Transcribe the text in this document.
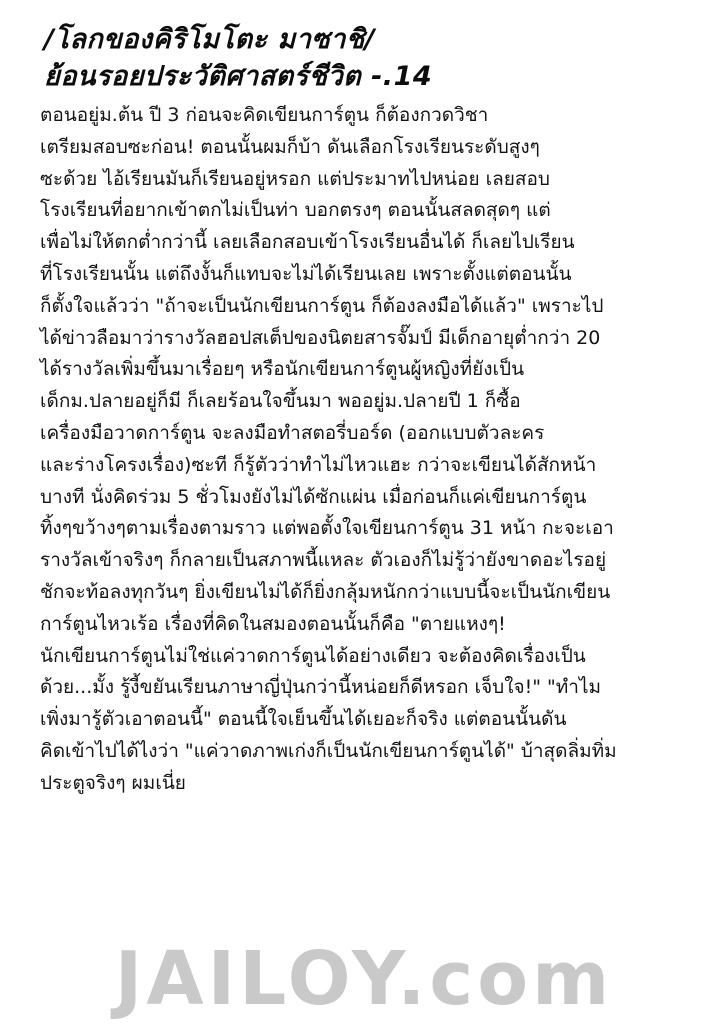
/โลกของคิริโมโตะ มาซาชิ/
ย้อนรอยประวัติศาสตร์ชีวิต -.14
ตอนอยู่ม.ต้น ปี 3 ก่อนจะคิดเขียนการ์ตูน ก็ต้องกวดวิชา
เตรียมสอบซะก่อน! ตอนนั้นผมก็บ้า ดันเลือกโรงเรียนระดับสูงๆ
ซะด้วย ไอ้เรียนมันก็เรียนอยู่หรอก แต่ประมาทไปหน่อย เลยสอบ
โรงเรียนที่อยากเข้าตกไม่เป็นท่า บอกตรงๆ ตอนนั้นสลดสุดๆ แต่
เพื่อไม่ให้ตกต่ำกว่านี้ เลยเลือกสอบเข้าโรงเรียนอื่นได้ ก็เลยไปเรียน
ที่โรงเรียนนั้น แต่ถึงงั้นก็แทบจะไม่ได้เรียนเลย เพราะตั้งแต่ตอนนั้น
ก็ตั้งใจแล้วว่า "ถ้าจะเป็นนักเขียนการ์ตูน ก็ต้องลงมือได้แล้ว" เพราะไป
ได้ข่าวลือมาว่ารางวัลฮอปสเต็ปของนิตยสารจั๊มป์ มีเด็กอายุต่ำกว่า 20
ได้รางวัลเพิ่มขึ้นมาเรื่อยๆ หรือนักเขียนการ์ตูนผู้หญิงที่ยังเป็น
เด็กม.ปลายอยู่ก็มี ก็เลยร้อนใจขึ้นมา พออยู่ม.ปลายปี 1 ก็ซื้อ
เครื่องมือวาดการ์ตูน จะลงมือทำสตอรี่บอร์ด (ออกแบบตัวละคร
และร่างโครงเรื่อง)ซะที ก็รู้ตัวว่าทำไม่ไหวแฮะ กว่าจะเขียนได้สักหน้า
บางที นั่งคิดร่วม 5 ชั่วโมงยังไม่ได้ซักแผ่น เมื่อก่อนก็แค่เขียนการ์ตูน
ทิ้งๆขว้างๆตามเรื่องตามราว แต่พอตั้งใจเขียนการ์ตูน 31 หน้า กะจะเอา
รางวัลเข้าจริงๆ ก็กลายเป็นสภาพนี้แหละ ตัวเองก็ไม่รู้ว่ายังขาดอะไรอยู่
ชักจะท้อลงทุกวันๆ ยิ่งเขียนไม่ได้ก็ยิ่งกลุ้มหนักกว่าแบบนี้จะเป็นนักเขียน
การ์ตูนไหวเร้อ เรื่องที่คิดในสมองตอนนั้นก็คือ "ตายแหงๆ!
นักเขียนการ์ตูนไม่ใช่แค่วาดการ์ตูนได้อย่างเดียว จะต้องคิดเรื่องเป็น
ด้วย...มั้ง รู้งี้ขยันเรียนภาษาญี่ปุ่นกว่านี้หน่อยก็ดีหรอก เจ็บใจ!" "ทำไม
เพิ่งมารู้ตัวเอาตอนนี้" ตอนนี้ใจเย็นขึ้นได้เยอะก็จริง แต่ตอนนั้นดัน
คิดเข้าไปได้ไงว่า "แค่วาดภาพเก่งก็เป็นนักเขียนการ์ตูนได้" บ้าสุดลิ่มทิ่ม
ประตูจริงๆ ผมเนี่ย
JAILOY.com
